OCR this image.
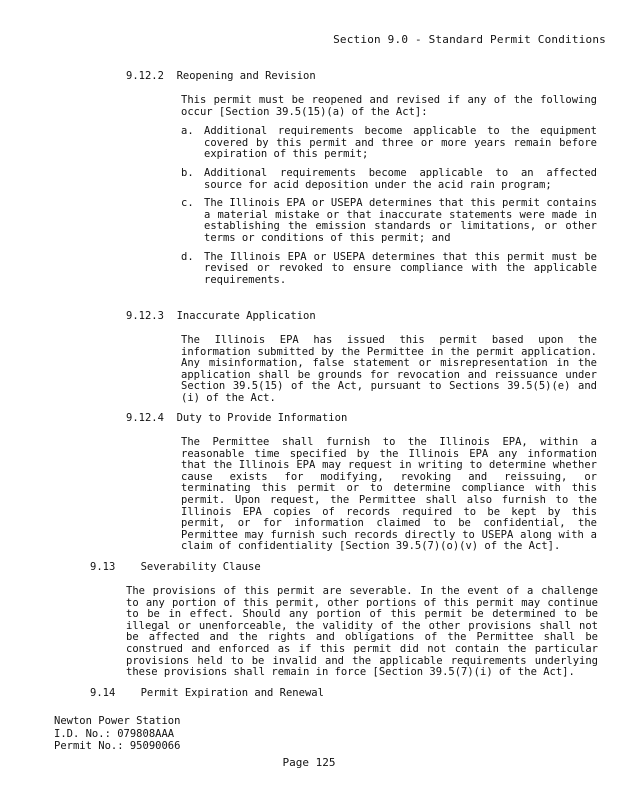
Section 9.0 - Standard Permit Conditions
9.12.2 Reopening and Revision

This permit must be reopened and revised if any of the following occur [Section 39.5(15)(a) of the Act]:

a. Additional requirements become applicable to the equipment covered by this permit and three or more years remain before expiration of this permit;

b. Additional requirements become applicable to an affected source for acid deposition under the acid rain program;

c. The Illinois EPA or USEPA determines that this permit contains a material mistake or that inaccurate statements were made in establishing the emission standards or limitations, or other terms or conditions of this permit; and

d. The Illinois EPA or USEPA determines that this permit must be revised or revoked to ensure compliance with the applicable requirements.

9.12.3 Inaccurate Application

The Illinois EPA has issued this permit based upon the information submitted by the Permittee in the permit application. Any misinformation, false statement or misrepresentation in the application shall be grounds for revocation and reissuance under Section 39.5(15) of the Act, pursuant to Sections 39.5(5)(e) and (i) of the Act.

9.12.4 Duty to Provide Information

The Permittee shall furnish to the Illinois EPA, within a reasonable time specified by the Illinois EPA any information that the Illinois EPA may request in writing to determine whether cause exists for modifying, revoking and reissuing, or terminating this permit or to determine compliance with this permit. Upon request, the Permittee shall also furnish to the Illinois EPA copies of records required to be kept by this permit, or for information claimed to be confidential, the Permittee may furnish such records directly to USEPA along with a claim of confidentiality [Section 39.5(7)(o)(v) of the Act].

9.13 Severability Clause

The provisions of this permit are severable. In the event of a challenge to any portion of this permit, other portions of this permit may continue to be in effect. Should any portion of this permit be determined to be illegal or unenforceable, the validity of the other provisions shall not be affected and the rights and obligations of the Permittee shall be construed and enforced as if this permit did not contain the particular provisions held to be invalid and the applicable requirements underlying these provisions shall remain in force [Section 39.5(7)(i) of the Act].

9.14 Permit Expiration and Renewal
Newton Power Station
I.D. No.: 079808AAA
Permit No.: 95090066
Page 125
